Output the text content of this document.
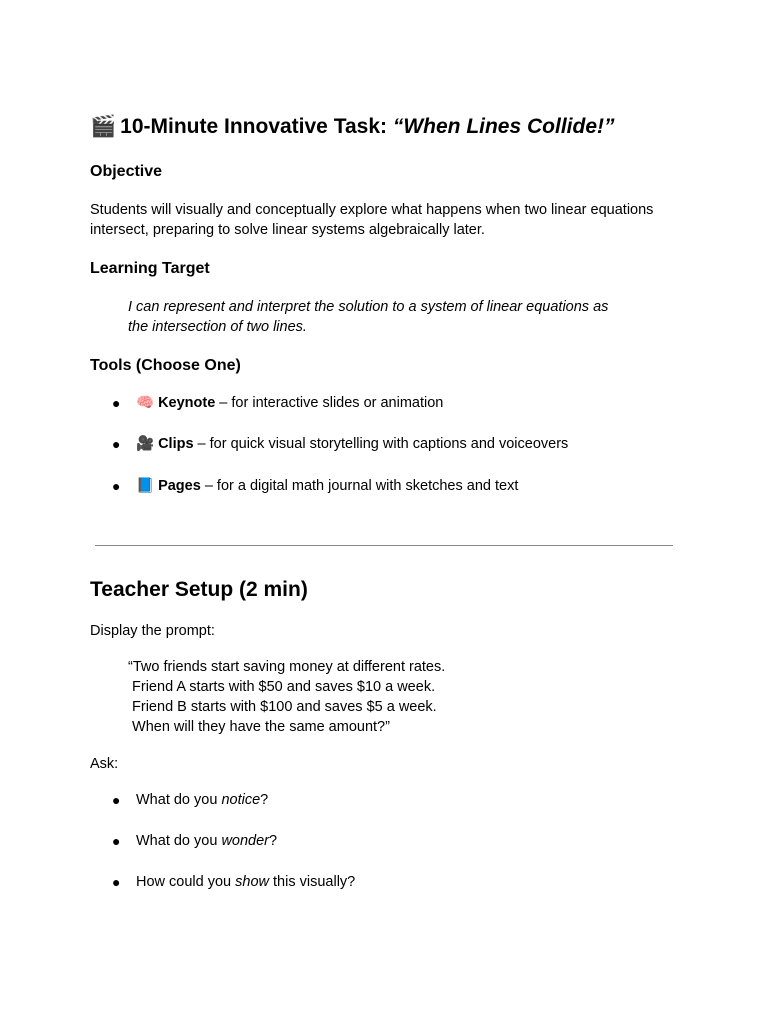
🎬 10-Minute Innovative Task: “When Lines Collide!”
Objective

Students will visually and conceptually explore what happens when two linear equations
intersect, preparing to solve linear systems algebraically later.

Learning Target

I can represent and interpret the solution to a system of linear equations as
the intersection of two lines.

Tools (Choose One)
●	🧠 Keynote – for interactive slides or animation
●	🎥 Clips – for quick visual storytelling with captions and voiceovers
●	📘 Pages – for a digital math journal with sketches and text
Teacher Setup (2 min)

Display the prompt:

“Two friends start saving money at different rates.
Friend A starts with $50 and saves $10 a week.
Friend B starts with $100 and saves $5 a week.
When will they have the same amount?”

Ask:

●	What do you notice ?
●	What do you wonder ?
●	How could you show this visually?
